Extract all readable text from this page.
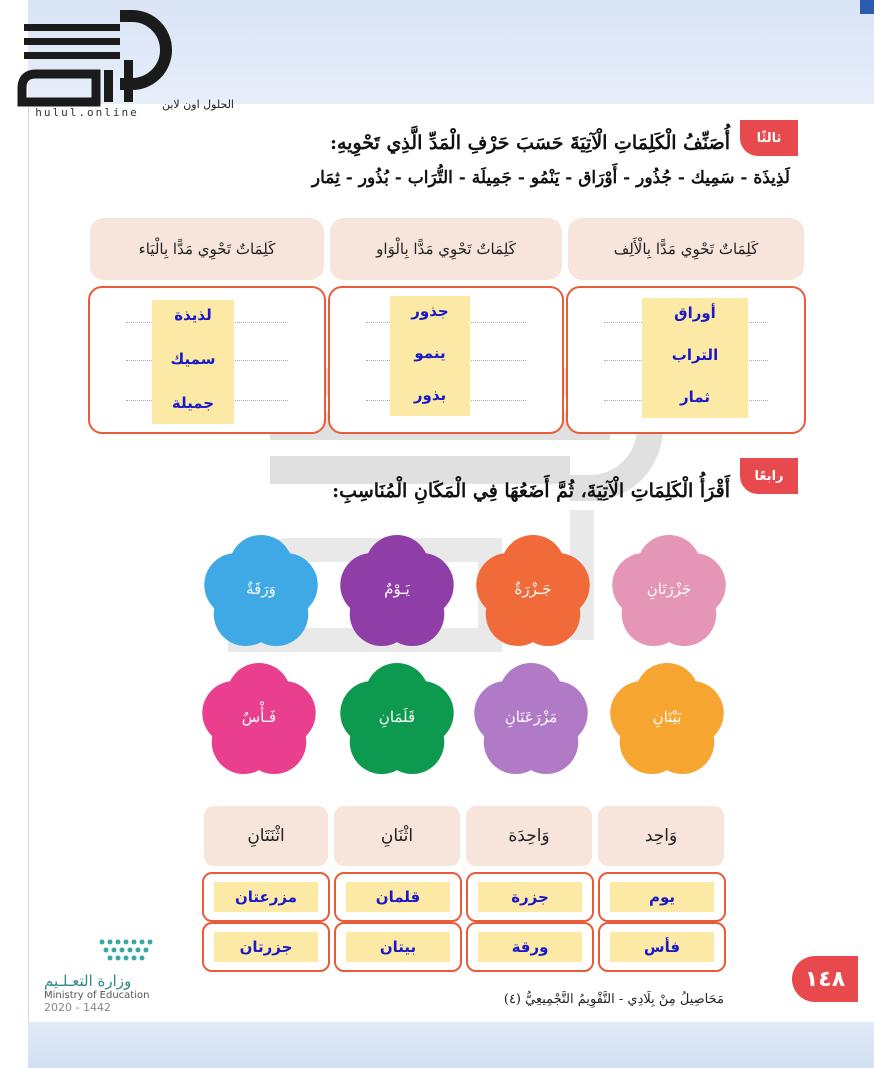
الحلول اون لاين
hulul.online
ثالثًا
أُصَنِّفُ الْكَلِمَاتِ الْآتِيَةَ حَسَبَ حَرْفِ الْمَدِّ الَّذِي تَحْوِيهِ:
لَذِيذَة - سَمِيك - جُذُور - أَوْرَاق - يَنْمُو - جَمِيلَة - التُّرَاب - بُذُور - ثِمَار
كَلِمَاتٌ تَحْوِي مَدًّا بِالْأَلِف
كَلِمَاتٌ تَحْوِي مَدًّا بِالْوَاو
كَلِمَاتٌ تَحْوِي مَدًّا بِالْيَاء
أوراق
التراب
ثمار
جذور
ينمو
بذور
لذيذة
سميك
جميلة
رابعًا
أَقْرَأُ الْكَلِمَاتِ الْآتِيَةَ، ثُمَّ أَضَعُهَا فِي الْمَكَانِ الْمُنَاسِبِ:
جَزْرَتَانِ
جَـزْرَةٌ
يَـوْمٌ
وَرَقَةٌ
بَيْتَانِ
مَزْرَعَتَانِ
قَلَمَانِ
فَـأْسٌ
وَاحِد
وَاحِدَة
اثْنَانِ
اثْنَتَانِ
يوم
جزرة
قلمان
مزرعتان
فأس
ورقة
بيتان
جزرتان
وزارة التعـلـيم
Ministry of Education
2020 - 1442
١٤٨
مَحَاصِيلُ مِنْ بِلَادِي - التَّقْوِيمُ التَّجْمِيعِيُّ (٤)
